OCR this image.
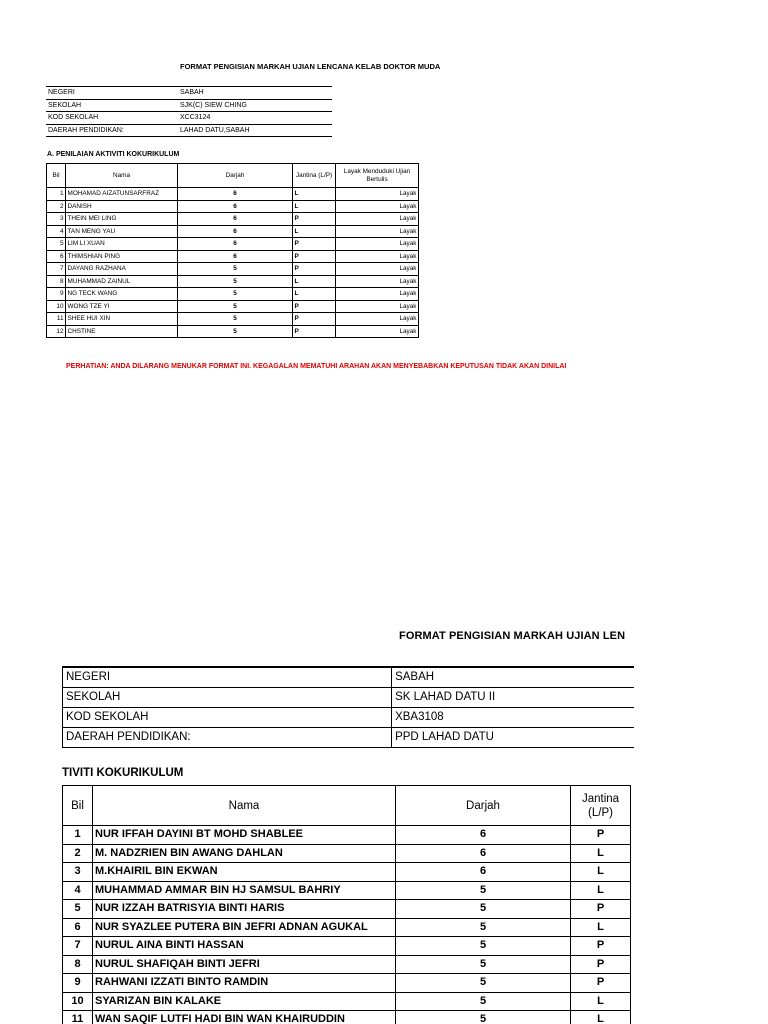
FORMAT PENGISIAN MARKAH UJIAN LENCANA KELAB DOKTOR MUDA
NEGERI	SABAH
SEKOLAH	SJK(C) SIEW CHING
KOD SEKOLAH	XCC3124
DAERAH PENDIDIKAN:	LAHAD DATU,SABAH
A. PENILAIAN AKTIVITI KOKURIKULUM
Bil	Nama	Darjah	Jantina (L/P)	Layak Menduduki Ujian Bertulis
1	MOHAMAD AIZATUNSARFRAZ	6	L	Layak
2	DANISH	6	L	Layak
3	THEIN MEI LING	6	P	Layak
4	TAN MENG YAU	6	L	Layak
5	LIM LI XUAN	6	P	Layak
6	THIMSHIAN PING	6	P	Layak
7	DAYANG RAZHANA	5	P	Layak
8	MUHAMMAD ZAINUL	5	L	Layak
9	NG TECK WANG	5	L	Layak
10	WONG TZE YI	5	P	Layak
11	SHEE HUI XIN	5	P	Layak
12	CHSTINE	5	P	Layak
PERHATIAN: ANDA DILARANG MENUKAR FORMAT INI. KEGAGALAN MEMATUHI ARAHAN AKAN MENYEBABKAN KEPUTUSAN TIDAK AKAN DINILAI
FORMAT PENGISIAN MARKAH UJIAN LEN
NEGERI	SABAH
SEKOLAH	SK LAHAD DATU II
KOD SEKOLAH	XBA3108
DAERAH PENDIDIKAN:	PPD LAHAD DATU
TIVITI KOKURIKULUM
Bil	Nama	Darjah	Jantina (L/P)
1	NUR IFFAH DAYINI BT MOHD SHABLEE	6	P
2	M. NADZRIEN BIN AWANG DAHLAN	6	L
3	M.KHAIRIL BIN EKWAN	6	L
4	MUHAMMAD AMMAR BIN HJ SAMSUL BAHRIY	5	L
5	NUR IZZAH BATRISYIA BINTI HARIS	5	P
6	NUR SYAZLEE PUTERA BIN JEFRI ADNAN AGUKAL	5	L
7	NURUL AINA BINTI HASSAN	5	P
8	NURUL SHAFIQAH BINTI JEFRI	5	P
9	RAHWANI IZZATI BINTO RAMDIN	5	P
10	SYARIZAN BIN KALAKE	5	L
11	WAN SAQIF LUTFI HADI BIN WAN KHAIRUDDIN	5	L
